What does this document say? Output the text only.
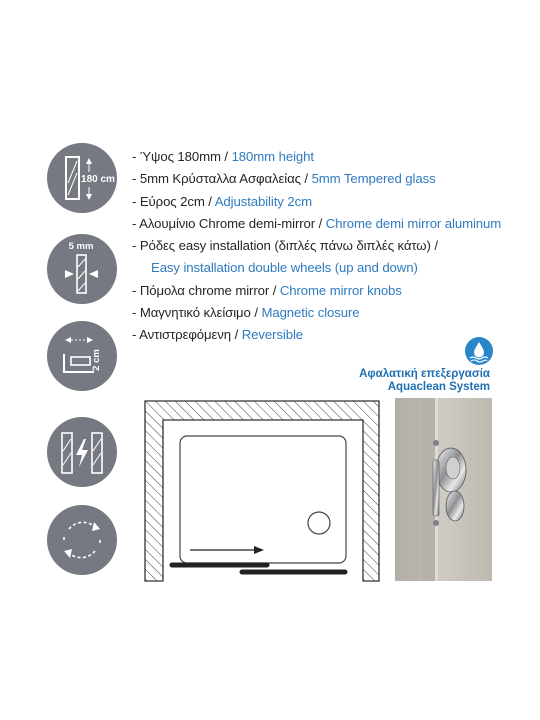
180 cm
5 mm
2 cm
- Ύψος 180mm / 180mm height
- 5mm Κρύσταλλα Ασφαλείας / 5mm Tempered glass
- Εύρος 2cm / Adjustability 2cm
- Αλουμίνιο Chrome demi-mirror / Chrome demi mirror aluminum
- Ρόδες easy installation (διπλές πάνω διπλές κάτω) /
Easy installation double wheels (up and down)
- Πόμολα chrome mirror / Chrome mirror knobs
- Μαγνητικό κλείσιμο / Magnetic closure
- Αντιστρεφόμενη / Reversible
Αφαλατική επεξεργασία
Aquaclean System
